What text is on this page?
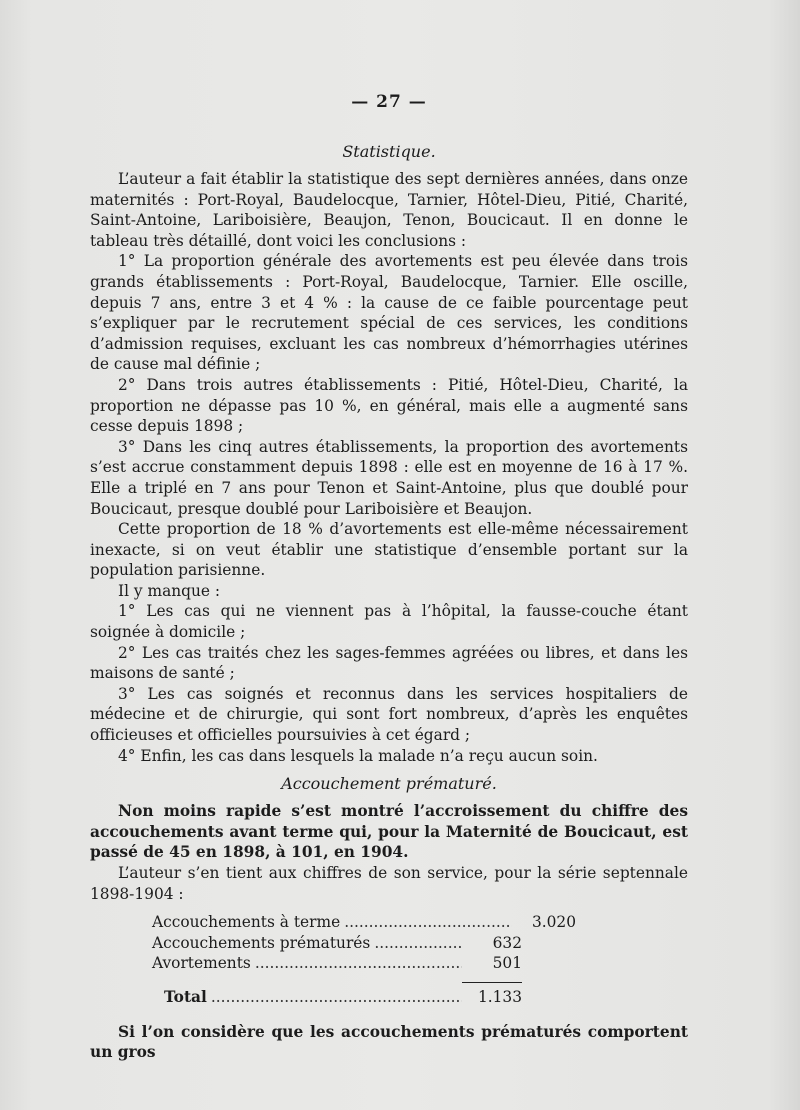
— 27 —
Statistique.

L’auteur a fait établir la statistique des sept dernières années, dans onze maternités : Port-Royal, Baudelocque, Tarnier, Hôtel-Dieu, Pitié, Charité, Saint-Antoine, Lariboisière, Beaujon, Tenon, Boucicaut. Il en donne le tableau très détaillé, dont voici les conclusions :

1° La proportion générale des avortements est peu élevée dans trois grands établissements : Port-Royal, Baudelocque, Tarnier. Elle oscille, depuis 7 ans, entre 3 et 4 % : la cause de ce faible pourcentage peut s’expliquer par le recrutement spécial de ces services, les conditions d’admission requises, excluant les cas nombreux d’hémorrhagies utérines de cause mal définie ;

2° Dans trois autres établissements : Pitié, Hôtel-Dieu, Charité, la proportion ne dépasse pas 10 %, en général, mais elle a augmenté sans cesse depuis 1898 ;

3° Dans les cinq autres établissements, la proportion des avortements s’est accrue constamment depuis 1898 : elle est en moyenne de 16 à 17 %. Elle a triplé en 7 ans pour Tenon et Saint-Antoine, plus que doublé pour Boucicaut, presque doublé pour Lariboisière et Beaujon.

Cette proportion de 18 % d’avortements est elle-même nécessairement inexacte, si on veut établir une statistique d’ensemble portant sur la population parisienne.

Il y manque :

1° Les cas qui ne viennent pas à l’hôpital, la fausse-couche étant soignée à domicile ;

2° Les cas traités chez les sages-femmes agréées ou libres, et dans les maisons de santé ;

3° Les cas soignés et reconnus dans les services hospitaliers de médecine et de chirurgie, qui sont fort nombreux, d’après les enquêtes officieuses et officielles poursuivies à cet égard ;

4° Enfin, les cas dans lesquels la malade n’a reçu aucun soin.

Accouchement prématuré.

Non moins rapide s’est montré l’accroissement du chiffre des accouchements avant terme qui, pour la Maternité de Boucicaut, est passé de 45 en 1898, à 101, en 1904.

L’auteur s’en tient aux chiffres de son service, pour la série septennale 1898-1904 :

Accouchements à terme .....	3.020
Accouchements prématurés .....	632
Avortements .....	501
Total .....	1.133

Si l’on considère que les accouchements prématurés comportent un gros
